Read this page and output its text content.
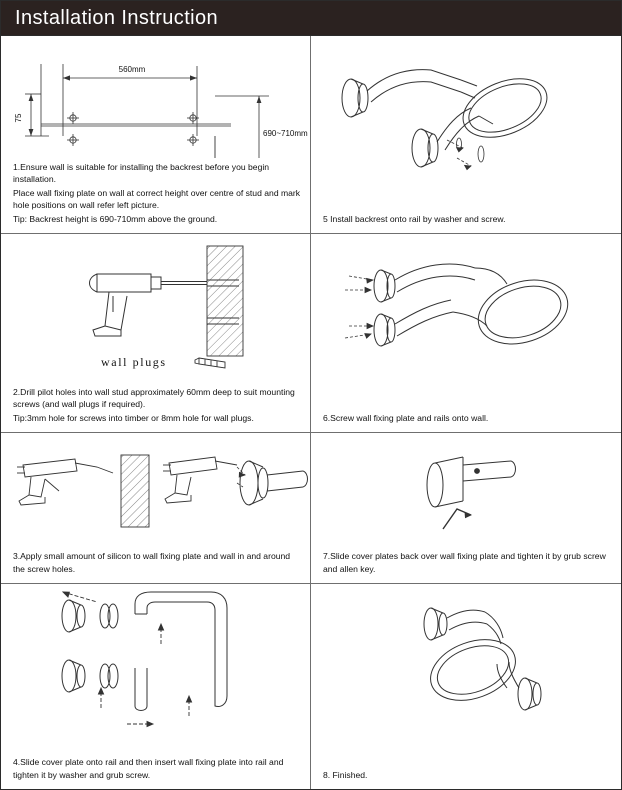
Installation Instruction
560mm
75
690~710mm

1.Ensure wall is suitable for installing the backrest before you begin installation.

Place wall fixing plate on wall at correct height over centre of stud and mark hole positions on wall refer left picture.

Tip: Backrest height is 690-710mm above the ground.	5 Install backrest onto rail by washer and screw.

wall plugs

2.Drill pilot holes into wall stud approximately 60mm deep to suit mounting screws (and wall plugs if required).

Tip:3mm hole for screws into timber or 8mm hole for wall plugs.	6.Screw wall fixing plate and rails onto wall.

3.Apply small amount of silicon to wall fixing plate and wall in and around the screw holes.

7.Slide cover plates back over wall fixing plate and tighten it by grub screw and allen key.

4.Slide cover plate onto rail and then insert wall fixing plate into rail and tighten it by washer and grub screw.	8. Finished.
